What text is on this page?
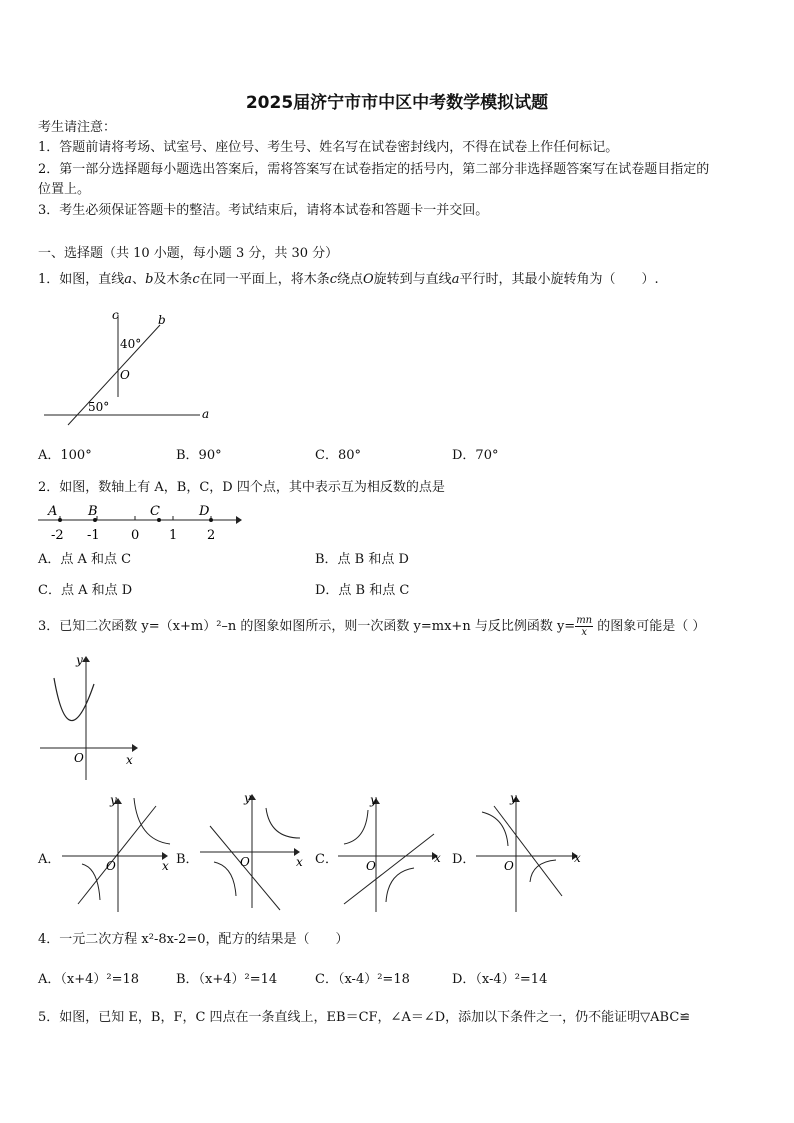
2025届济宁市市中区中考数学模拟试题
考生请注意：
1．答题前请将考场、试室号、座位号、考生号、姓名写在试卷密封线内，不得在试卷上作任何标记。
2．第一部分选择题每小题选出答案后，需将答案写在试卷指定的括号内，第二部分非选择题答案写在试卷题目指定的
位置上。
3．考生必须保证答题卡的整洁。考试结束后，请将本试卷和答题卡一并交回。
一、选择题（共 10 小题，每小题 3 分，共 30 分）
1．如图，直线a、b及木条c在同一平面上，将木条c绕点O旋转到与直线a平行时，其最小旋转角为（　　）.
c	b
40°
O
50°	a
A．100°	B．90°	C．80°	D．70°
2．如图，数轴上有 A，B，C，D 四个点，其中表示互为相反数的点是
A B	C	D
-2 -1 0 1 2
A．点 A 和点 C	B．点 B 和点 D
C．点 A 和点 D	D．点 B 和点 C
3．已知二次函数 y=（x+m）²–n 的图象如图所示，则一次函数 y=mx+n 与反比例函数 $y= \frac{mn}{x}$ 的图象可能是（ ）
y
x
O
A．
y
x
O	B．
y
x
O	C．
y
x
O	D．
y
x
O
4．一元二次方程 x²-8x-2=0，配方的结果是（　　）
A．（x+4）²=18	B．（x+4）²=14	C．（x-4）²=18	D．（x-4）²=14
5．如图，已知 E，B，F，C 四点在一条直线上，EB＝CF，∠A＝∠D，添加以下条件之一，仍不能证明▽ABC≌
